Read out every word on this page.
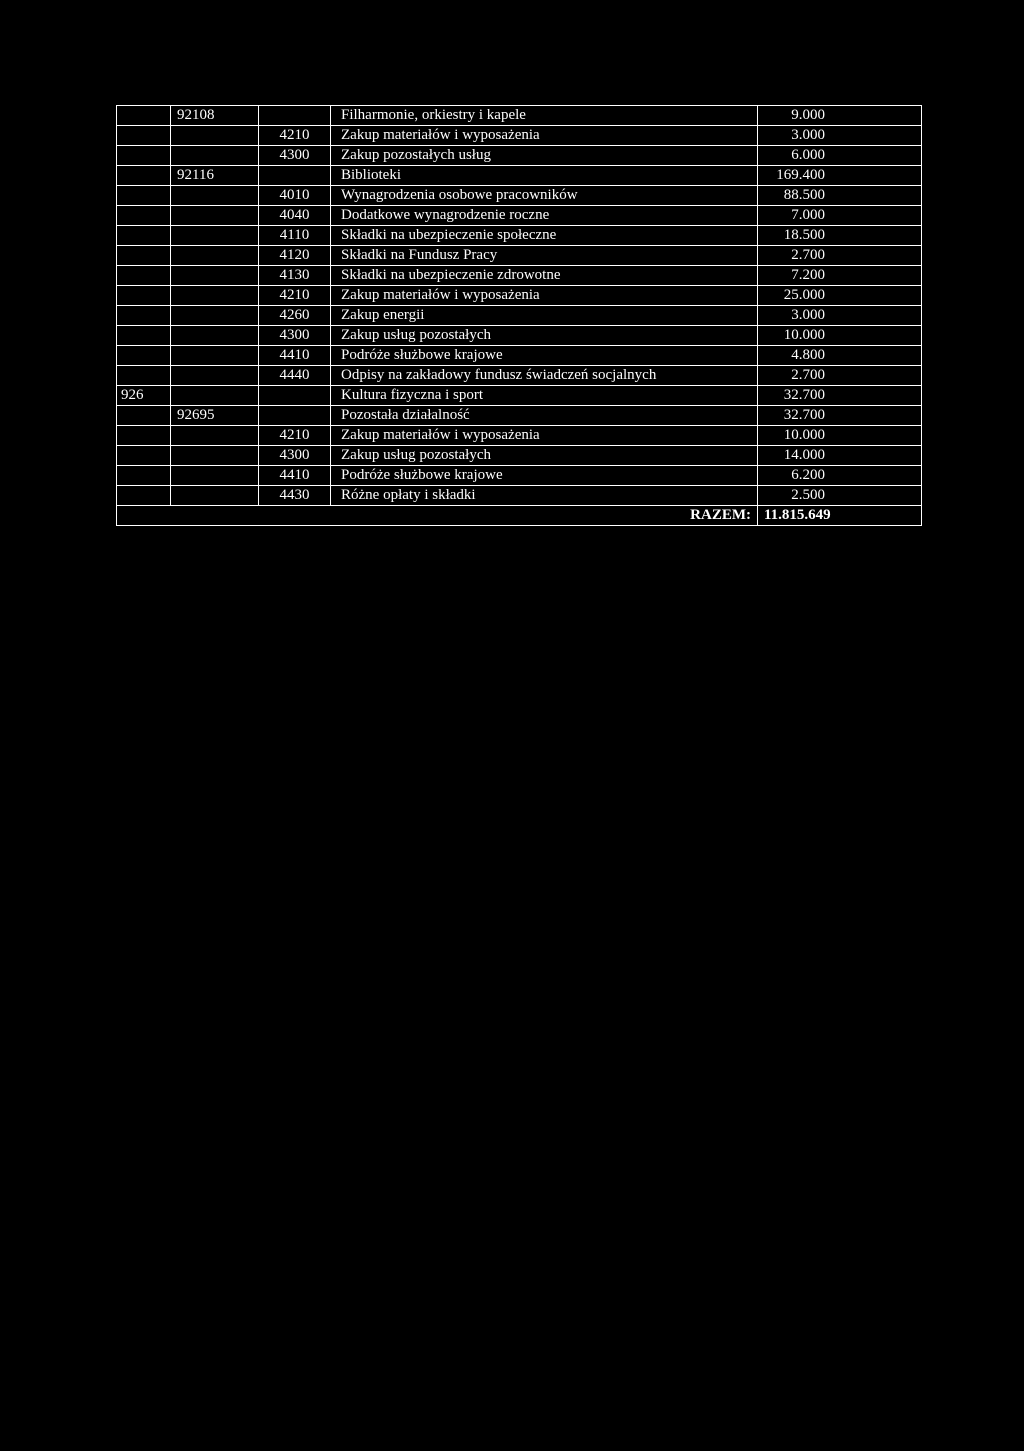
	92108		Filharmonie, orkiestry i kapele	9.000
		4210	Zakup materiałów i wyposażenia	3.000
		4300	Zakup pozostałych usług	6.000
	92116		Biblioteki	169.400
		4010	Wynagrodzenia osobowe pracowników	88.500
		4040	Dodatkowe wynagrodzenie roczne	7.000
		4110	Składki na ubezpieczenie społeczne	18.500
		4120	Składki na Fundusz Pracy	2.700
		4130	Składki na ubezpieczenie zdrowotne	7.200
		4210	Zakup materiałów i wyposażenia	25.000
		4260	Zakup energii	3.000
		4300	Zakup usług pozostałych	10.000
		4410	Podróże służbowe krajowe	4.800
		4440	Odpisy na zakładowy fundusz świadczeń socjalnych	2.700
926			Kultura fizyczna i sport	32.700
	92695		Pozostała działalność	32.700
		4210	Zakup materiałów i wyposażenia	10.000
		4300	Zakup usług pozostałych	14.000
		4410	Podróże służbowe krajowe	6.200
		4430	Różne opłaty i składki	2.500
RAZEM:				11.815.649
